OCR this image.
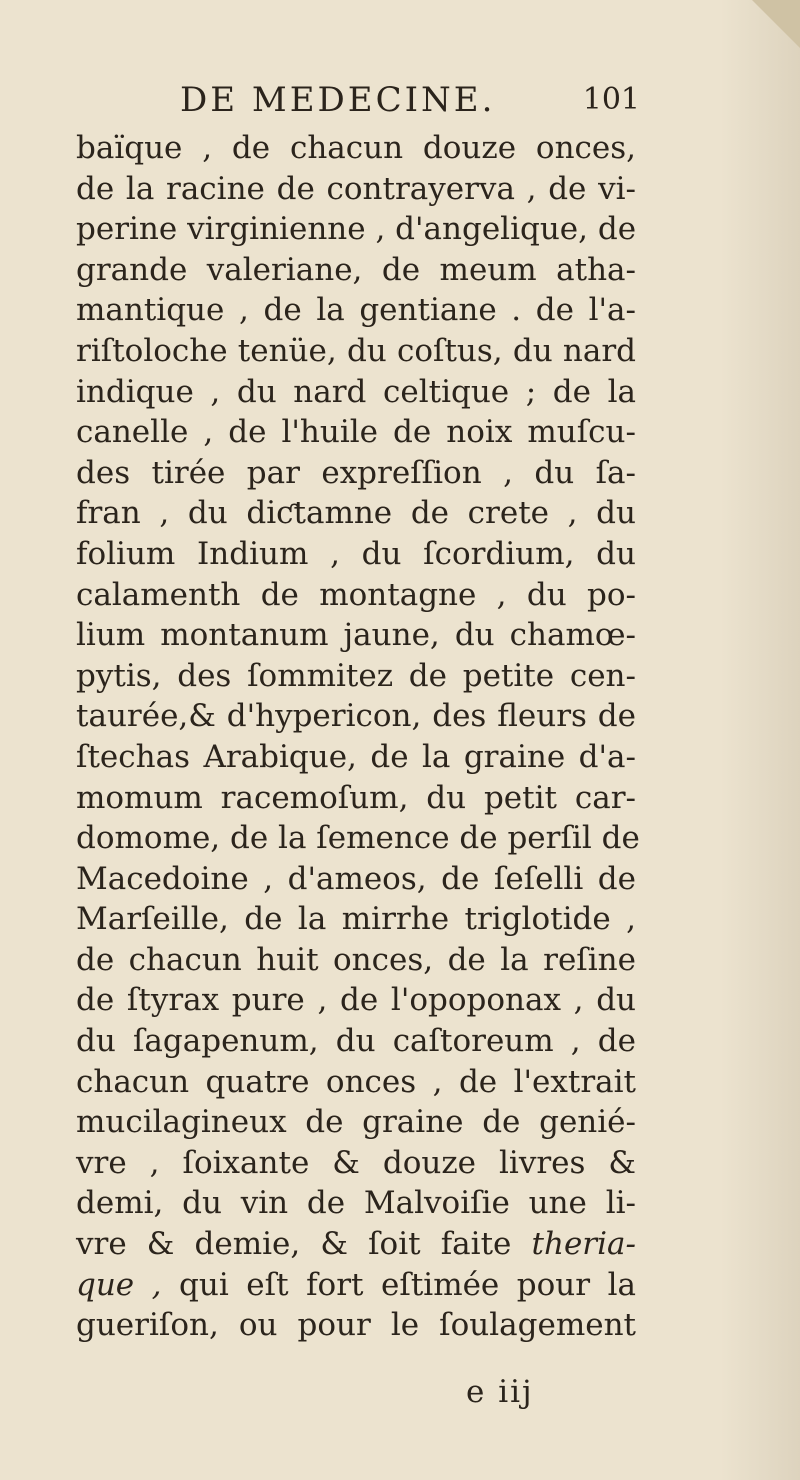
DE MEDECINE.	101
baïque , de chacun douze onces,
de la racine de contrayerva , de vi-
perine virginienne , d'angelique, de
grande valeriane, de meum atha-
mantique , de la gentiane . de l'a-
riſtoloche tenüe, du coſtus, du nard
indique , du nard celtique ; de la
canelle , de l'huile de noix muſcu-
des tirée par expreſſion , du ſa-
fran , du diƈtamne de crete , du
folium Indium , du ſcordium, du
calamenth de montagne , du po-
lium montanum jaune, du chamœ-
pytis, des ſommitez de petite cen-
taurée,& d'hypericon, des fleurs de
ſtechas Arabique, de la graine d'a-
momum racemoſum, du petit car-
domome, de la ſemence de perſil de
Macedoine , d'ameos, de ſeſelli de
Marſeille, de la mirrhe triglotide ,
de chacun huit onces, de la reſine
de ſtyrax pure , de l'opoponax , du
du ſagapenum, du caſtoreum , de
chacun quatre onces , de l'extrait
mucilagineux de graine de genié-
vre , ſoixante & douze livres &
demi, du vin de Malvoiſie une li-
vre & demie, & ſoit faite theria-
que , qui eſt fort eſtimée pour la
gueriſon, ou pour le ſoulagement
e iij
